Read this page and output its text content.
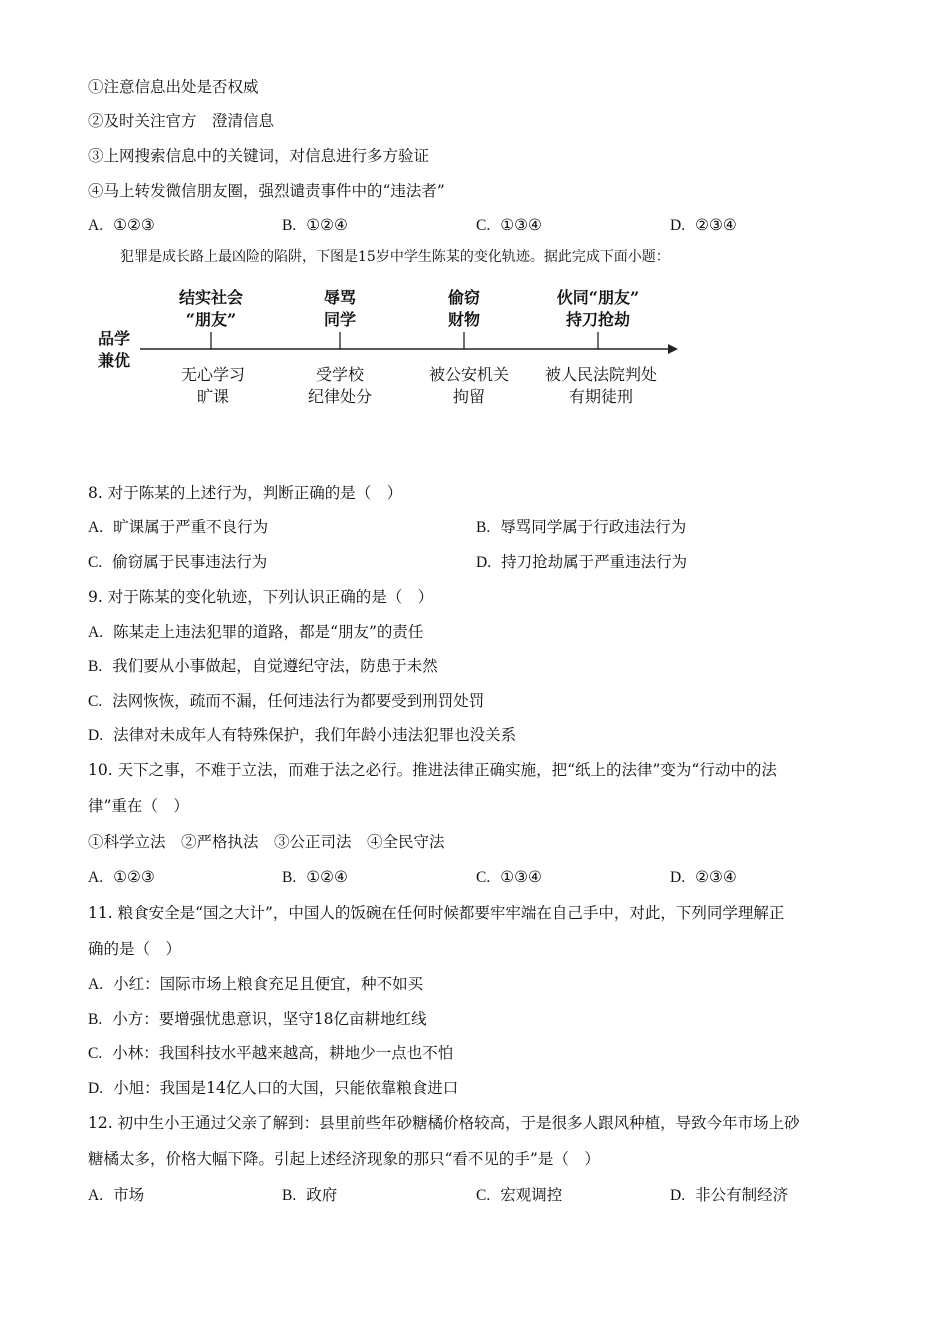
①注意信息出处是否权威
②及时关注官方　澄清信息
③上网搜索信息中的关键词，对信息进行多方验证
④马上转发微信朋友圈，强烈谴责事件中的“违法者”
A. ①②③	B. ①②④	C. ①③④	D. ②③④
犯罪是成长路上最凶险的陷阱，下图是15岁中学生陈某的变化轨迹。据此完成下面小题：
品学
兼优
结实社会
“朋友”
辱骂
同学
偷窃
财物
伙同“朋友”
持刀抢劫
无心学习
旷课
受学校
纪律处分
被公安机关
拘留
被人民法院判处
有期徒刑
8. 对于陈某的上述行为，判断正确的是（　）
A. 旷课属于严重不良行为	B. 辱骂同学属于行政违法行为
C. 偷窃属于民事违法行为	D. 持刀抢劫属于严重违法行为
9. 对于陈某的变化轨迹，下列认识正确的是（　）
A. 陈某走上违法犯罪的道路，都是“朋友”的责任
B. 我们要从小事做起，自觉遵纪守法，防患于未然
C. 法网恢恢，疏而不漏，任何违法行为都要受到刑罚处罚
D. 法律对未成年人有特殊保护，我们年龄小违法犯罪也没关系
10. 天下之事，不难于立法，而难于法之必行。推进法律正确实施，把“纸上的法律”变为“行动中的法
律”重在（　）
①科学立法　②严格执法　③公正司法　④全民守法
A. ①②③	B. ①②④	C. ①③④	D. ②③④
11. 粮食安全是“国之大计”，中国人的饭碗在任何时候都要牢牢端在自己手中，对此，下列同学理解正
确的是（　）
A. 小红：国际市场上粮食充足且便宜，种不如买
B. 小方：要增强忧患意识，坚守18亿亩耕地红线
C. 小林：我国科技水平越来越高，耕地少一点也不怕
D. 小旭：我国是14亿人口的大国，只能依靠粮食进口
12. 初中生小王通过父亲了解到：县里前些年砂糖橘价格较高，于是很多人跟风种植，导致今年市场上砂
糖橘太多，价格大幅下降。引起上述经济现象的那只“看不见的手”是（　）
A. 市场	B. 政府	C. 宏观调控	D. 非公有制经济
